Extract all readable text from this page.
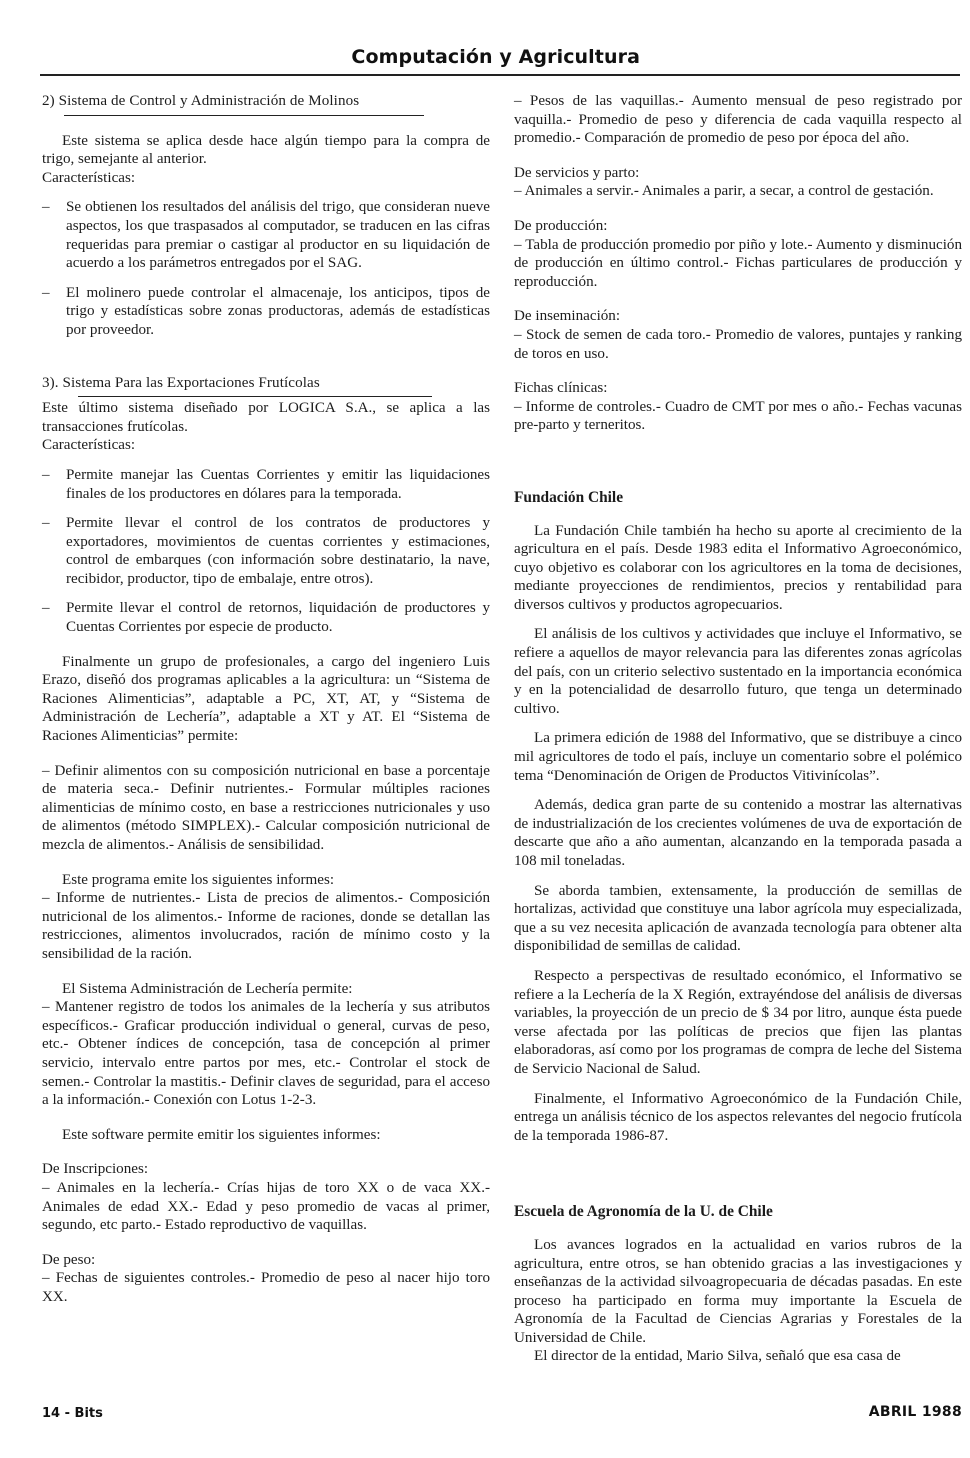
Computación y Agricultura

2) Sistema de Control y Administración de Molinos

Este sistema se aplica desde hace algún tiempo para la compra de trigo, semejante al anterior.

Características:

–	Se obtienen los resultados del análisis del trigo, que consideran nueve aspectos, los que traspasados al computador, se traducen en las cifras requeridas para premiar o castigar al productor en su liquidación de acuerdo a los parámetros entregados por el SAG.
–	El molinero puede controlar el almacenaje, los anticipos, tipos de trigo y estadísticas sobre zonas productoras, además de estadísticas por proveedor.

3). Sistema Para las Exportaciones Frutícolas

Este último sistema diseñado por LOGICA S.A., se aplica a las transacciones frutícolas.

Características:

–	Permite manejar las Cuentas Corrientes y emitir las liquidaciones finales de los productores en dólares para la temporada.
–	Permite llevar el control de los contratos de productores y exportadores, movimientos de cuentas corrientes y estimaciones, control de embarques (con información sobre destinatario, la nave, recibidor, productor, tipo de embalaje, entre otros).
–	Permite llevar el control de retornos, liquidación de productores y Cuentas Corrientes por especie de producto.

Finalmente un grupo de profesionales, a cargo del ingeniero Luis Erazo, diseñó dos programas aplicables a la agricultura: un “Sistema de Raciones Alimenticias”, adaptable a PC, XT, AT, y “Sistema de Administración de Lechería”, adaptable a XT y AT. El “Sistema de Raciones Alimenticias” permite:

– Definir alimentos con su composición nutricional en base a porcentaje de materia seca.- Definir nutrientes.- Formular múltiples raciones alimenticias de mínimo costo, en base a restricciones nutricionales y uso de alimentos (método SIMPLEX).- Calcular composición nutricional de mezcla de alimentos.- Análisis de sensibilidad.

Este programa emite los siguientes informes:

– Informe de nutrientes.- Lista de precios de alimentos.- Composición nutricional de los alimentos.- Informe de raciones, donde se detallan las restricciones, alimentos involucrados, ración de mínimo costo y la sensibilidad de la ración.

El Sistema Administración de Lechería permite:

– Mantener registro de todos los animales de la lechería y sus atributos específicos.- Graficar producción individual o general, curvas de peso, etc.- Obtener índices de concepción, tasa de concepción al primer servicio, intervalo entre partos por mes, etc.- Controlar el stock de semen.- Controlar la mastitis.- Definir claves de seguridad, para el acceso a la información.- Conexión con Lotus 1-2-3.

Este software permite emitir los siguientes informes:

De Inscripciones:

– Animales en la lechería.- Crías hijas de toro XX o de vaca XX.- Animales de edad XX.- Edad y peso promedio de vacas al primer, segundo, etc parto.- Estado reproductivo de vaquillas.

De peso:

– Fechas de siguientes controles.- Promedio de peso al nacer hijo toro XX.

– Pesos de las vaquillas.- Aumento mensual de peso registrado por vaquilla.- Promedio de peso y diferencia de cada vaquilla respecto al promedio.- Comparación de promedio de peso por época del año.

De servicios y parto:

– Animales a servir.- Animales a parir, a secar, a control de gestación.

De producción:

– Tabla de producción promedio por piño y lote.- Aumento y disminución de producción en último control.- Fichas particulares de producción y reproducción.

De inseminación:

– Stock de semen de cada toro.- Promedio de valores, puntajes y ranking de toros en uso.

Fichas clínicas:

– Informe de controles.- Cuadro de CMT por mes o año.- Fechas vacunas pre-parto y terneritos.

Fundación Chile

La Fundación Chile también ha hecho su aporte al crecimiento de la agricultura en el país. Desde 1983 edita el Informativo Agroeconómico, cuyo objetivo es colaborar con los agricultores en la toma de decisiones, mediante proyecciones de rendimientos, precios y rentabilidad para diversos cultivos y productos agropecuarios.

El análisis de los cultivos y actividades que incluye el Informativo, se refiere a aquellos de mayor relevancia para las diferentes zonas agrícolas del país, con un criterio selectivo sustentado en la importancia económica y en la potencialidad de desarrollo futuro, que tenga un determinado cultivo.

La primera edición de 1988 del Informativo, que se distribuye a cinco mil agricultores de todo el país, incluye un comentario sobre el polémico tema “Denominación de Origen de Productos Vitivinícolas”.

Además, dedica gran parte de su contenido a mostrar las alternativas de industrialización de los crecientes volúmenes de uva de exportación de descarte que año a año aumentan, alcanzando en la temporada pasada a 108 mil toneladas.

Se aborda tambien, extensamente, la producción de semillas de hortalizas, actividad que constituye una labor agrícola muy especializada, que a su vez necesita aplicación de avanzada tecnología para obtener alta disponibilidad de semillas de calidad.

Respecto a perspectivas de resultado económico, el Informativo se refiere a la Lechería de la X Región, extrayéndose del análisis de diversas variables, la proyección de un precio de $ 34 por litro, aunque ésta puede verse afectada por las políticas de precios que fijen las plantas elaboradoras, así como por los programas de compra de leche del Sistema de Servicio Nacional de Salud.

Finalmente, el Informativo Agroeconómico de la Fundación Chile, entrega un análisis técnico de los aspectos relevantes del negocio frutícola de la temporada 1986-87.

Escuela de Agronomía de la U. de Chile

Los avances logrados en la actualidad en varios rubros de la agricultura, entre otros, se han obtenido gracias a las investigaciones y enseñanzas de la actividad silvoagropecuaria de décadas pasadas. En este proceso ha participado en forma muy importante la Escuela de Agronomía de la Facultad de Ciencias Agrarias y Forestales de la Universidad de Chile.

El director de la entidad, Mario Silva, señaló que esa casa de

14 - Bits	ABRIL 1988
